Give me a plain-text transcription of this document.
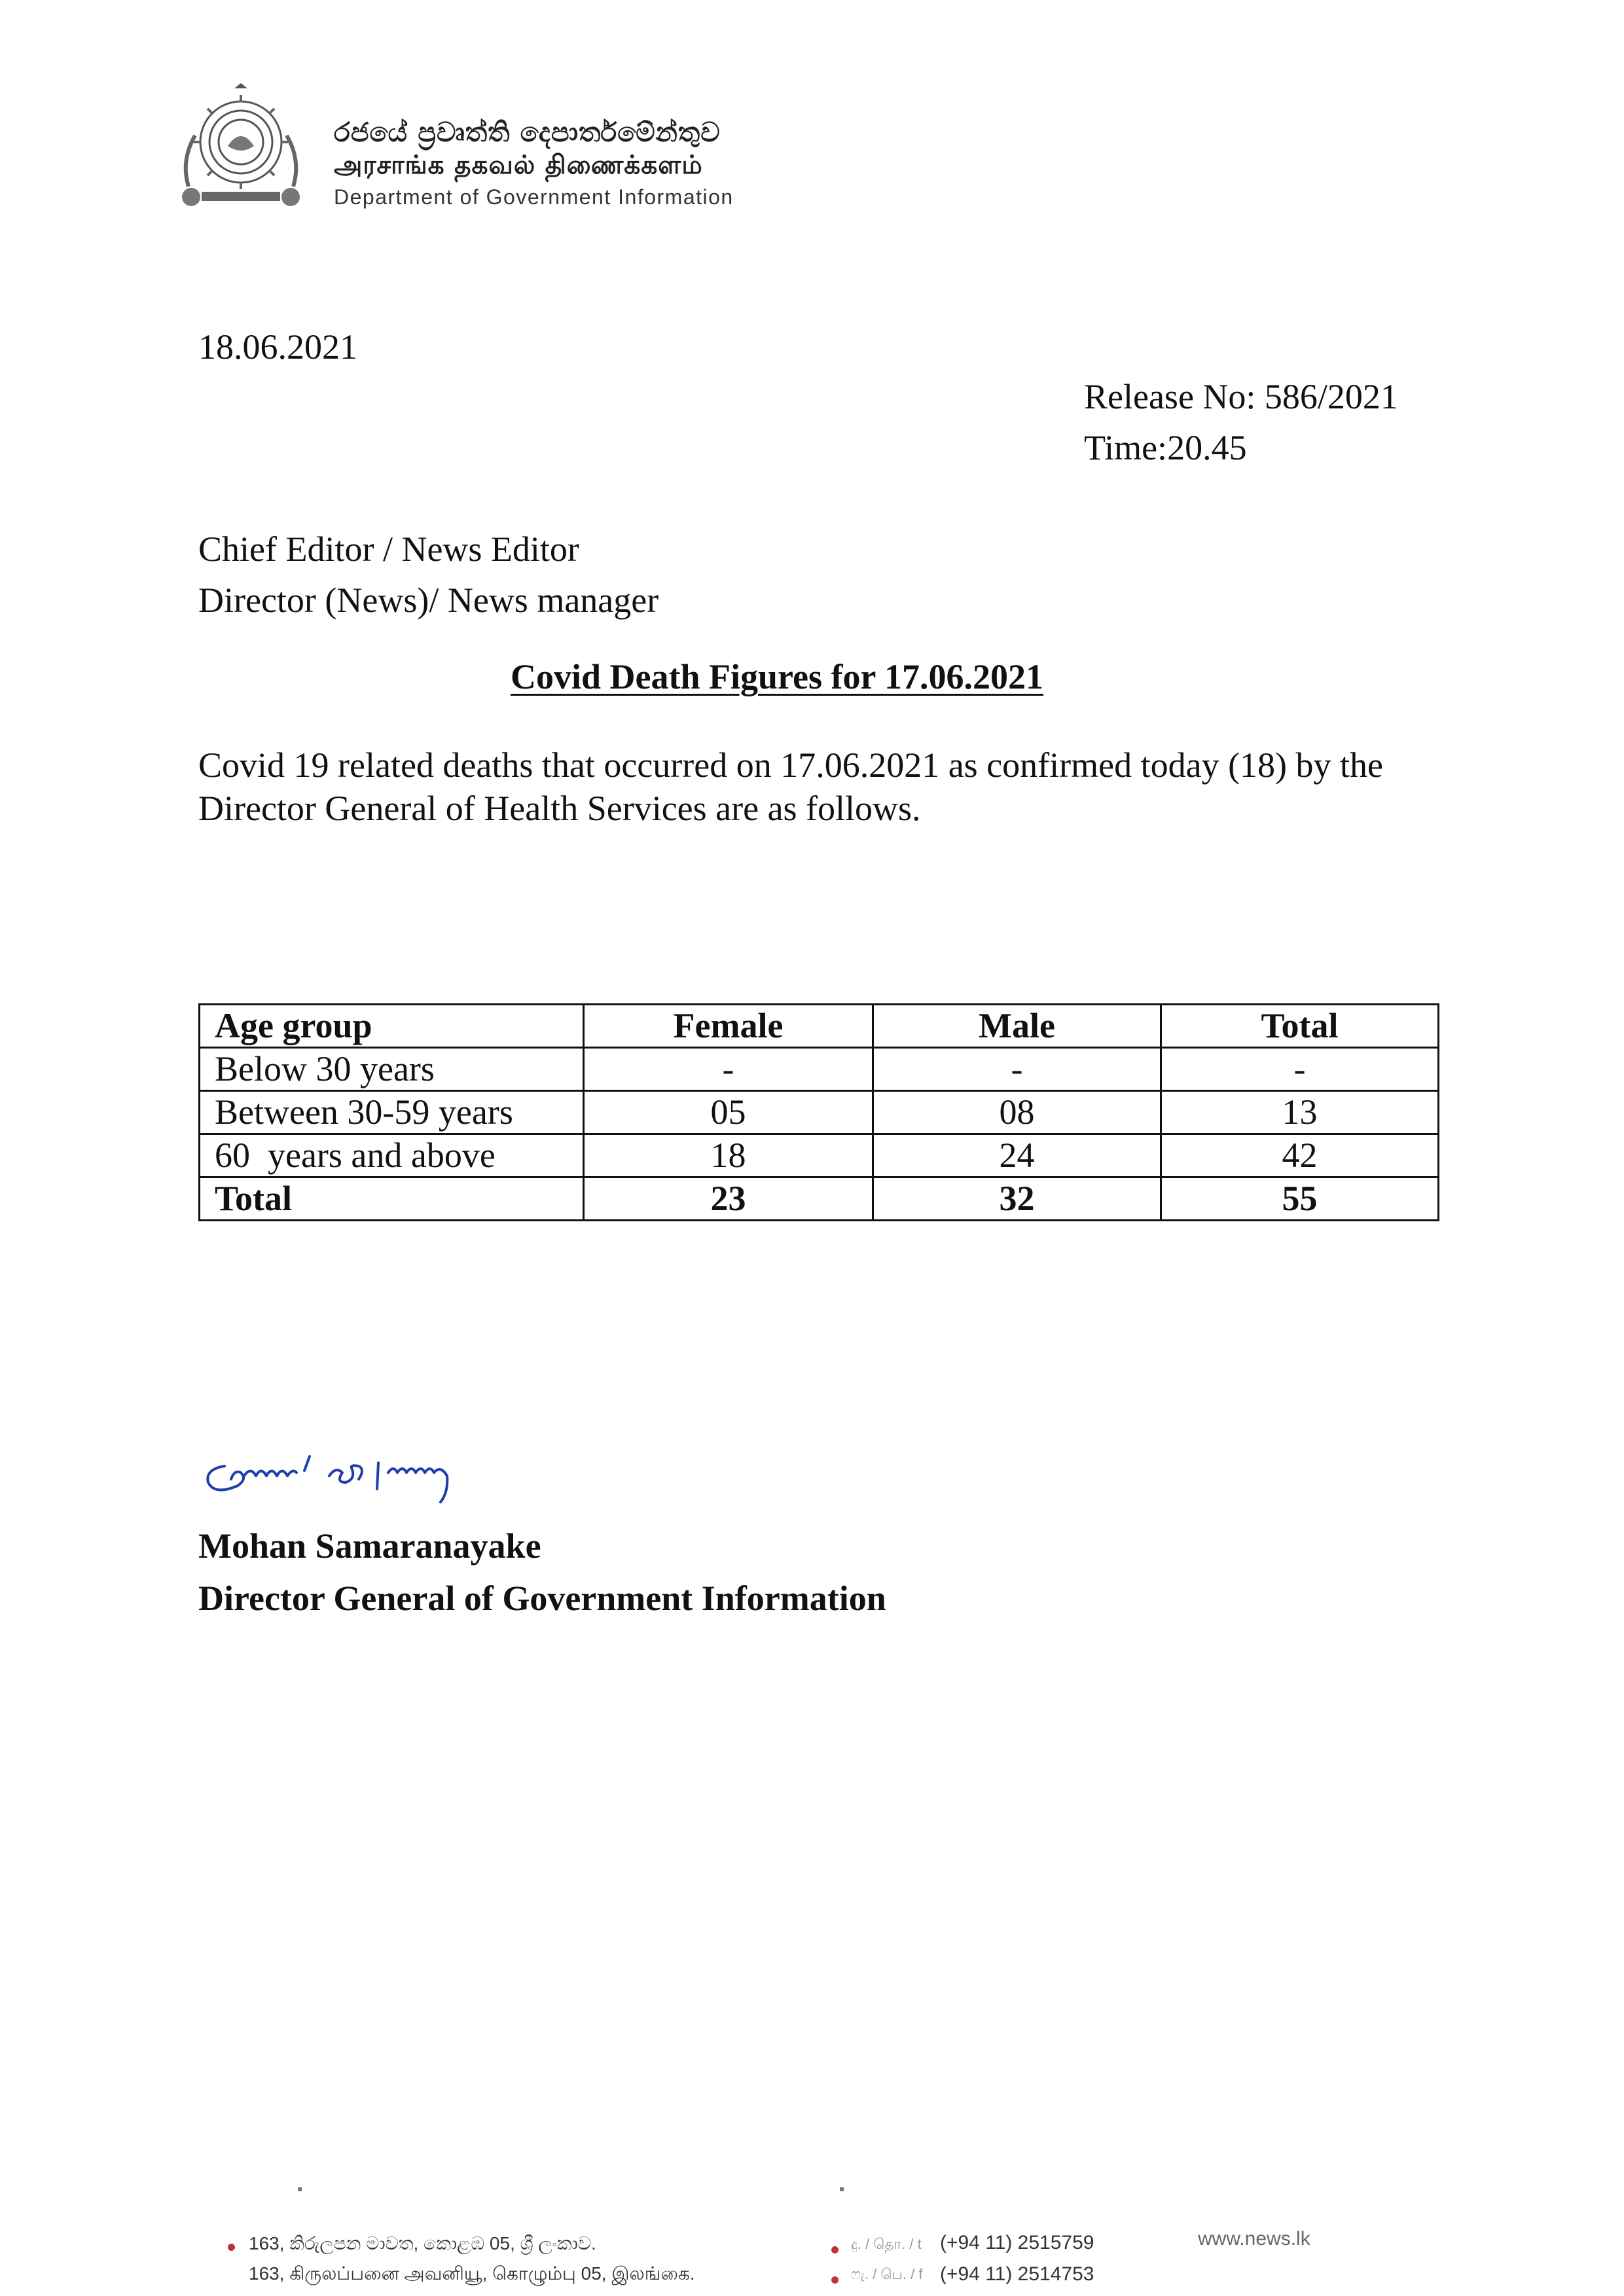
රජයේ ප්‍රවෘත්ති දෙපාර්තමේන්තුව
அரசாங்க தகவல் திணைக்களம்
Department of Government Information
18.06.2021
Release No: 586/2021
Time:20.45
Chief Editor / News Editor
Director (News)/ News manager
Covid Death Figures for 17.06.2021
Covid 19 related deaths that occurred on 17.06.2021 as confirmed today (18) by the Director General of Health Services are as follows.
Age group	Female	Male	Total
Below 30 years	-	-	-
Between 30-59 years	05	08	13
60  years and above	18	24	42
Total	23	32	55
Mohan Samaranayake
Director General of Government Information
163, කිරුලපන මාවත, කොළඹ 05, ශ්‍රී ලංකාව.
163, கிருலப்பனை அவனியூ, கொழும்பு 05, இலங்கை.
දු. / தொ. / t (+94 11) 2515759
ෆැ. / பெ. / f (+94 11) 2514753
www.news.lk
